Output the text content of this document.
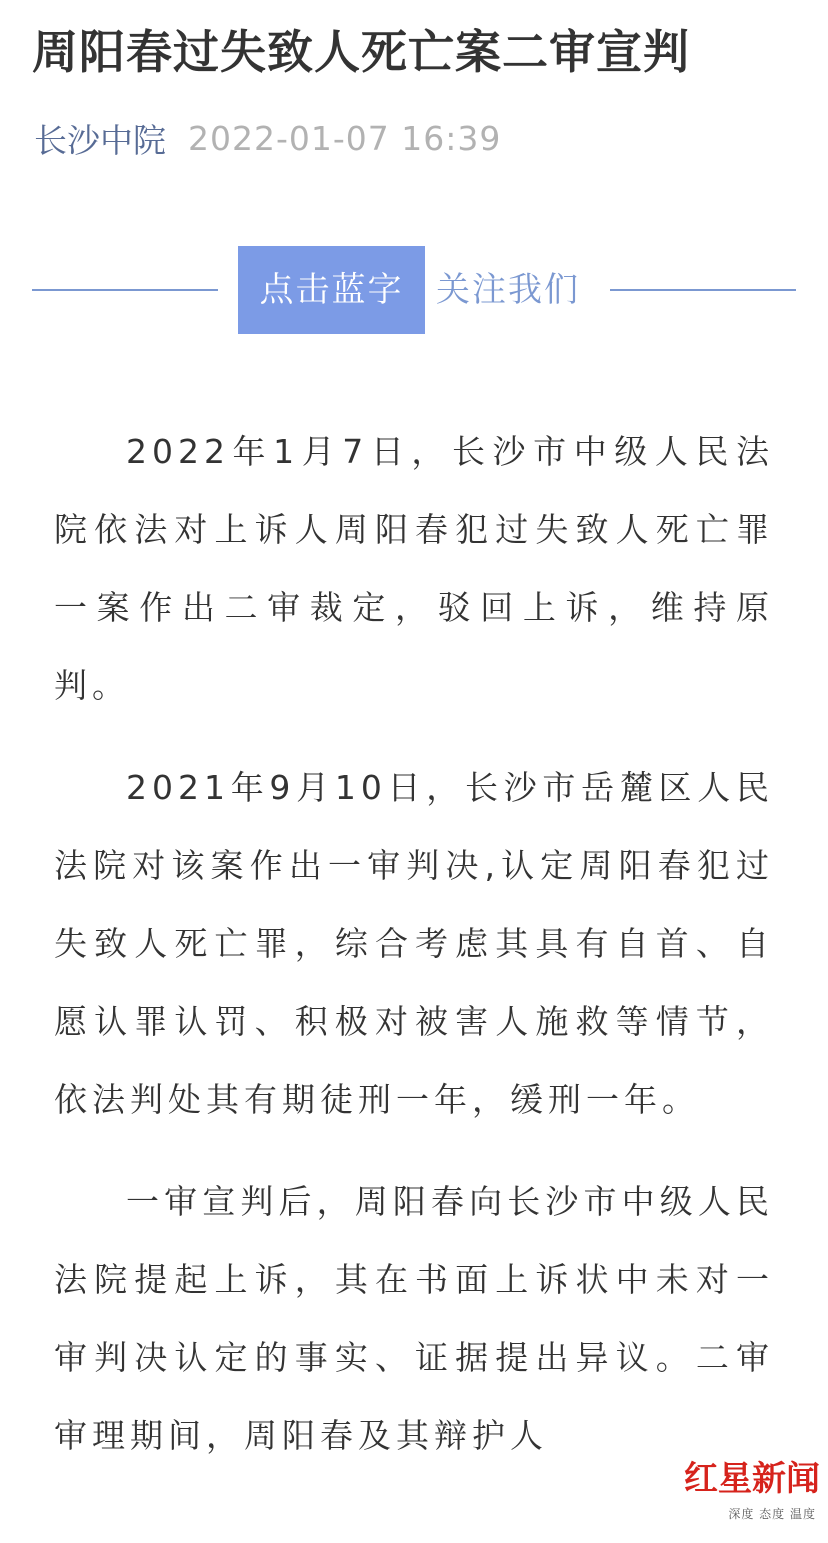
周阳春过失致人死亡案二审宣判
长沙中院 2022-01-07 16:39
点击蓝字 关注我们

2022年1月7日，长沙市中级人民法院依法对上诉人周阳春犯过失致人死亡罪一案作出二审裁定，驳回上诉，维持原判。

2021年9月10日，长沙市岳麓区人民法院对该案作出一审判决,认定周阳春犯过失致人死亡罪，综合考虑其具有自首、自愿认罪认罚、积极对被害人施救等情节，依法判处其有期徒刑一年，缓刑一年。

一审宣判后，周阳春向长沙市中级人民法院提起上诉，其在书面上诉状中未对一审判决认定的事实、证据提出异议。二审审理期间，周阳春及其辩护人

红星新闻
深度 态度 温度
